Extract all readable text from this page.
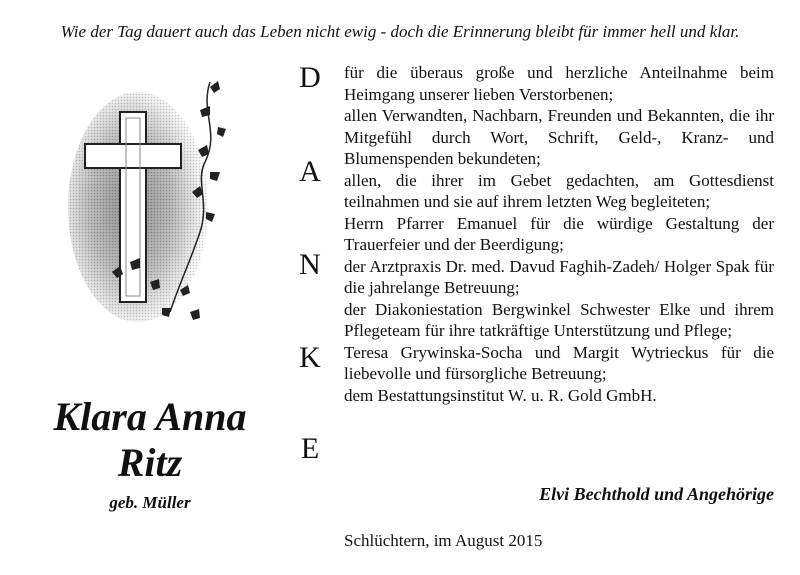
Wie der Tag dauert auch das Leben nicht ewig - doch die Erinnerung bleibt für immer hell und klar.
Klara Anna
Ritz
geb. Müller
D
A
N
K
E

für die überaus große und herzliche Anteilnahme beim Heimgang unserer lieben Verstorbenen;

allen Verwandten, Nachbarn, Freunden und Bekannten, die ihr Mitgefühl durch Wort, Schrift, Geld-, Kranz- und Blumenspenden bekundeten;

allen, die ihrer im Gebet gedachten, am Gottesdienst teilnahmen und sie auf ihrem letzten Weg begleiteten;

Herrn Pfarrer Emanuel für die würdige Gestaltung der Trauerfeier und der Beerdigung;

der Arztpraxis Dr. med. Davud Faghih-Zadeh/ Holger Spak für die jahrelange Betreuung;

der Diakoniestation Bergwinkel Schwester Elke und ihrem Pflegeteam für ihre tatkräftige Unterstützung und Pflege;

Teresa Grywinska-Socha und Margit Wytrieckus für die liebevolle und fürsorgliche Betreuung;

dem Bestattungsinstitut W. u. R. Gold GmbH.

Elvi Bechthold und Angehörige
Schlüchtern, im August 2015
